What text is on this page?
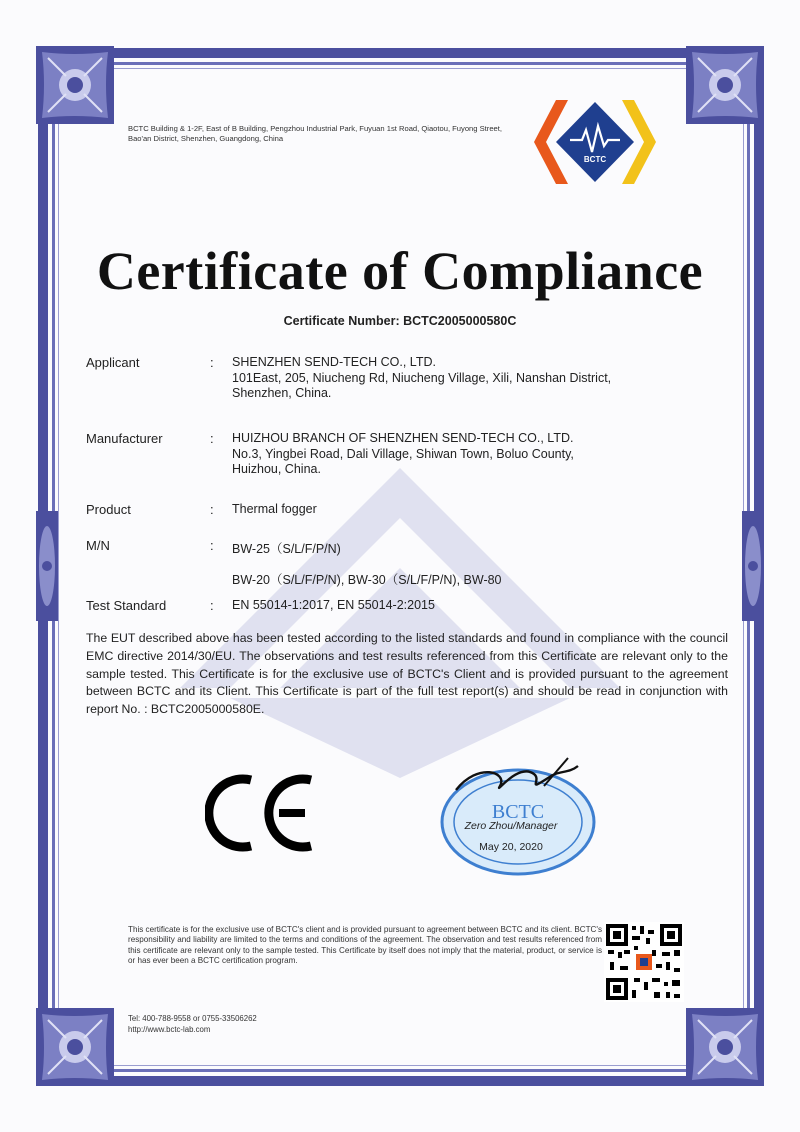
BCTC Building & 1-2F, East of B Building, Pengzhou Industrial Park, Fuyuan 1st Road, Qiaotou, Fuyong Street, Bao'an District, Shenzhen, Guangdong, China
BCTC
Certificate of Compliance
Certificate Number: BCTC2005000580C
Applicant	: SHENZHEN SEND-TECH CO., LTD.
101East, 205, Niucheng Rd, Niucheng Village, Xili, Nanshan District,
Shenzhen, China.
Manufacturer	: HUIZHOU BRANCH OF SHENZHEN SEND-TECH CO., LTD.
No.3, Yingbei Road, Dali Village, Shiwan Town, Boluo County,
Huizhou, China.
Product	: Thermal fogger
M/N	: BW-25（S/L/F/P/N)
BW-20（S/L/F/P/N), BW-30（S/L/F/P/N), BW-80
Test Standard	: EN 55014-1:2017, EN 55014-2:2015
The EUT described above has been tested according to the listed standards and found in compliance with the council EMC directive 2014/30/EU. The observations and test results referenced from this Certificate are relevant only to the sample tested. This Certificate is for the exclusive use of BCTC's Client and is provided pursuant to the agreement between BCTC and its Client. This Certificate is part of the full test report(s) and should be read in conjunction with report No. : BCTC2005000580E.
CE
BCTC
Zero Zhou/Manager
May 20, 2020
This certificate is for the exclusive use of BCTC's client and is provided pursuant to agreement between BCTC and its client. BCTC's responsibility and liability are limited to the terms and conditions of the agreement. The observation and test results referenced from this certificate are relevant only to the sample tested. This Certificate by itself does not imply that the material, product, or service is or has ever been a BCTC certification program.
Tel: 400-788-9558 or 0755-33506262
http://www.bctc-lab.com
